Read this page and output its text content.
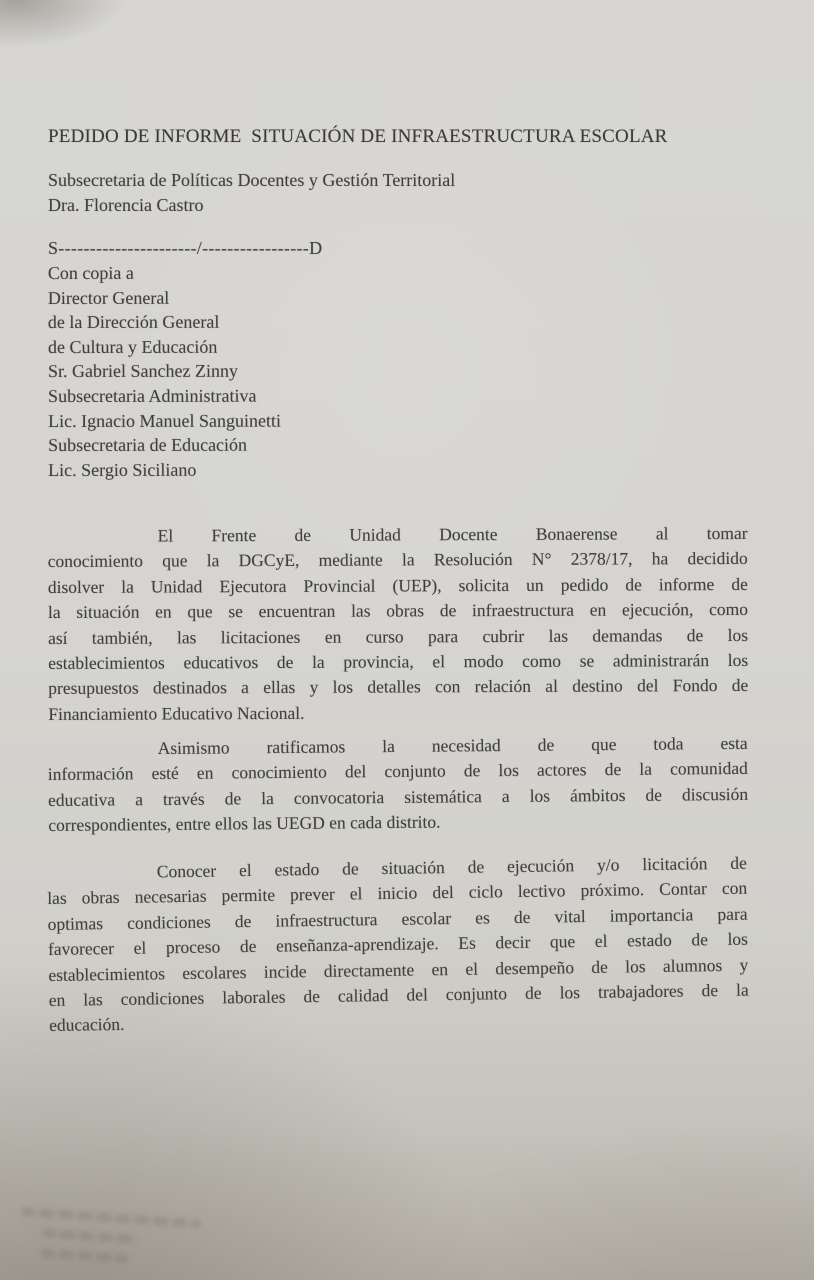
PEDIDO DE INFORME  SITUACIÓN DE INFRAESTRUCTURA ESCOLAR
Subsecretaria de Políticas Docentes y Gestión Territorial
Dra. Florencia Castro
S----------------------/-----------------D
Con copia a
Director General
de la Dirección General
de Cultura y Educación
Sr. Gabriel Sanchez Zinny
Subsecretaria Administrativa
Lic. Ignacio Manuel Sanguinetti
Subsecretaria de Educación
Lic. Sergio Siciliano
El Frente de Unidad Docente Bonaerense al tomar
conocimiento que la DGCyE, mediante la Resolución N° 2378/17, ha decidido
disolver la Unidad Ejecutora Provincial (UEP), solicita un pedido de informe de
la situación en que se encuentran las obras de infraestructura en ejecución, como
así también, las licitaciones en curso para cubrir las demandas de los
establecimientos educativos de la provincia, el modo como se administrarán los
presupuestos destinados a ellas y los detalles con relación al destino del Fondo de
Financiamiento Educativo Nacional.
Asimismo ratificamos la necesidad de que toda esta
información esté en conocimiento del conjunto de los actores de la comunidad
educativa a través de la convocatoria sistemática a los ámbitos de discusión
correspondientes, entre ellos las UEGD en cada distrito.
Conocer el estado de situación de ejecución y/o licitación de
las obras necesarias permite prever el inicio del ciclo lectivo próximo. Contar con
optimas condiciones de infraestructura escolar es de vital importancia para
favorecer el proceso de enseñanza-aprendizaje. Es decir que el estado de los
establecimientos escolares incide directamente en el desempeño de los alumnos y
en las condiciones laborales de calidad del conjunto de los trabajadores de la
educación.
